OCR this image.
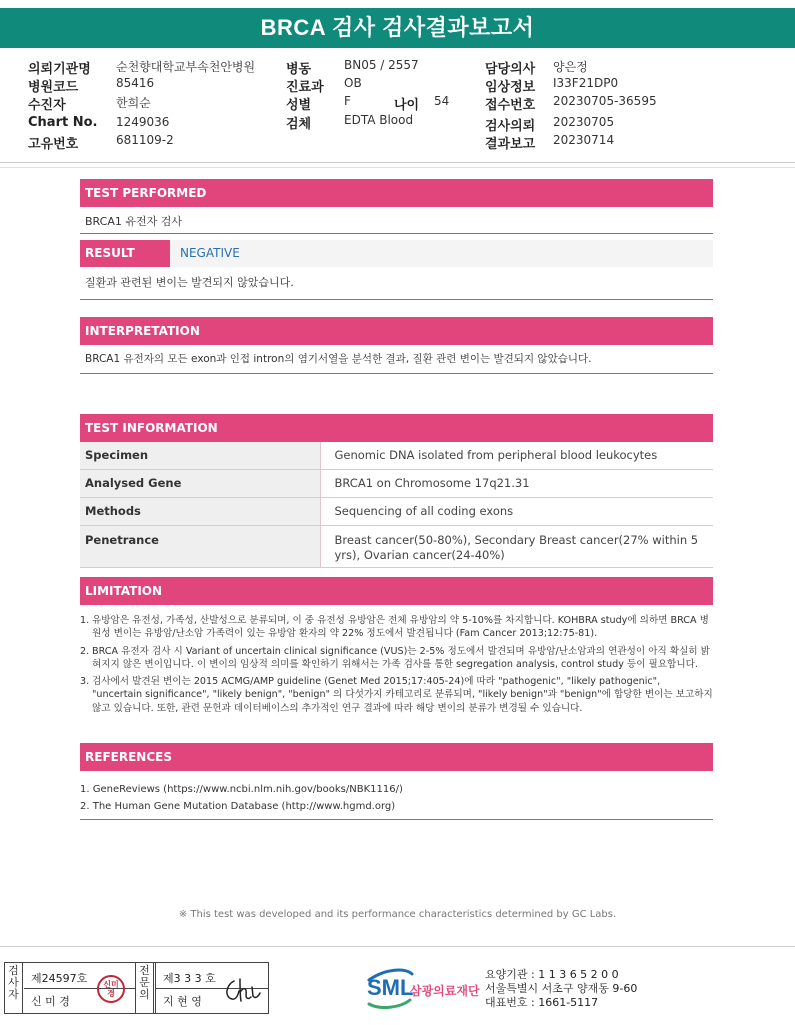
BRCA 검사 검사결과보고서
의뢰기관명 순천향대학교부속천안병원
병원코드	85416
수진자	한희순
Chart No. 1249036
고유번호	681109-2
병동	BN05 / 2557
진료과 OB
성별	F	나이 54
검체	EDTA Blood
담당의사 양은정
임상정보 I33F21DP0
접수번호 20230705-36595
검사의뢰 20230705
결과보고 20230714
TEST PERFORMED
BRCA1 유전자 검사
RESULT	NEGATIVE
질환과 관련된 변이는 발견되지 않았습니다.
INTERPRETATION
BRCA1 유전자의 모든 exon과 인접 intron의 염기서열을 분석한 결과, 질환 관련 변이는 발견되지 않았습니다.
TEST INFORMATION
Specimen	Genomic DNA isolated from peripheral blood leukocytes
Analysed Gene	BRCA1 on Chromosome 17q21.31
Methods	Sequencing of all coding exons
Penetrance	Breast cancer(50-80%), Secondary Breast cancer(27% within 5 yrs), Ovarian cancer(24-40%)
LIMITATION
1. 유방암은 유전성, 가족성, 산발성으로 분류되며, 이 중 유전성 유방암은 전체 유방암의 약 5-10%를 차지합니다. KOHBRA study에 의하면 BRCA 병원성 변이는 유방암/난소암 가족력이 있는 유방암 환자의 약 22% 정도에서 발견됩니다 (Fam Cancer 2013;12:75-81).
2. BRCA 유전자 검사 시 Variant of uncertain clinical significance (VUS)는 2-5% 정도에서 발견되며 유방암/난소암과의 연관성이 아직 확실히 밝혀지지 않은 변이입니다. 이 변이의 임상적 의미를 확인하기 위해서는 가족 검사를 통한 segregation analysis, control study 등이 필요합니다.
3. 검사에서 발견된 변이는 2015 ACMG/AMP guideline (Genet Med 2015;17:405-24)에 따라 "pathogenic", "likely pathogenic", "uncertain significance", "likely benign", "benign" 의 다섯가지 카테고리로 분류되며, "likely benign"과 "benign"에 합당한 변이는 보고하지 않고 있습니다. 또한, 관련 문헌과 데이터베이스의 추가적인 연구 결과에 따라 해당 변이의 분류가 변경될 수 있습니다.
REFERENCES
1. GeneReviews (https://www.ncbi.nlm.nih.gov/books/NBK1116/)
2. The Human Gene Mutation Database (http://www.hgmd.org)
※ This test was developed and its performance characteristics determined by GC Labs.
검사자
제24597호
신 미 경
전문의
제3 3 3 호
지 현 영
신미경	SML
삼광의료재단
요양기관 : 1 1 3 6 5 2 0 0
서울특별시 서초구 양재동 9-60
대표번호 : 1661-5117
